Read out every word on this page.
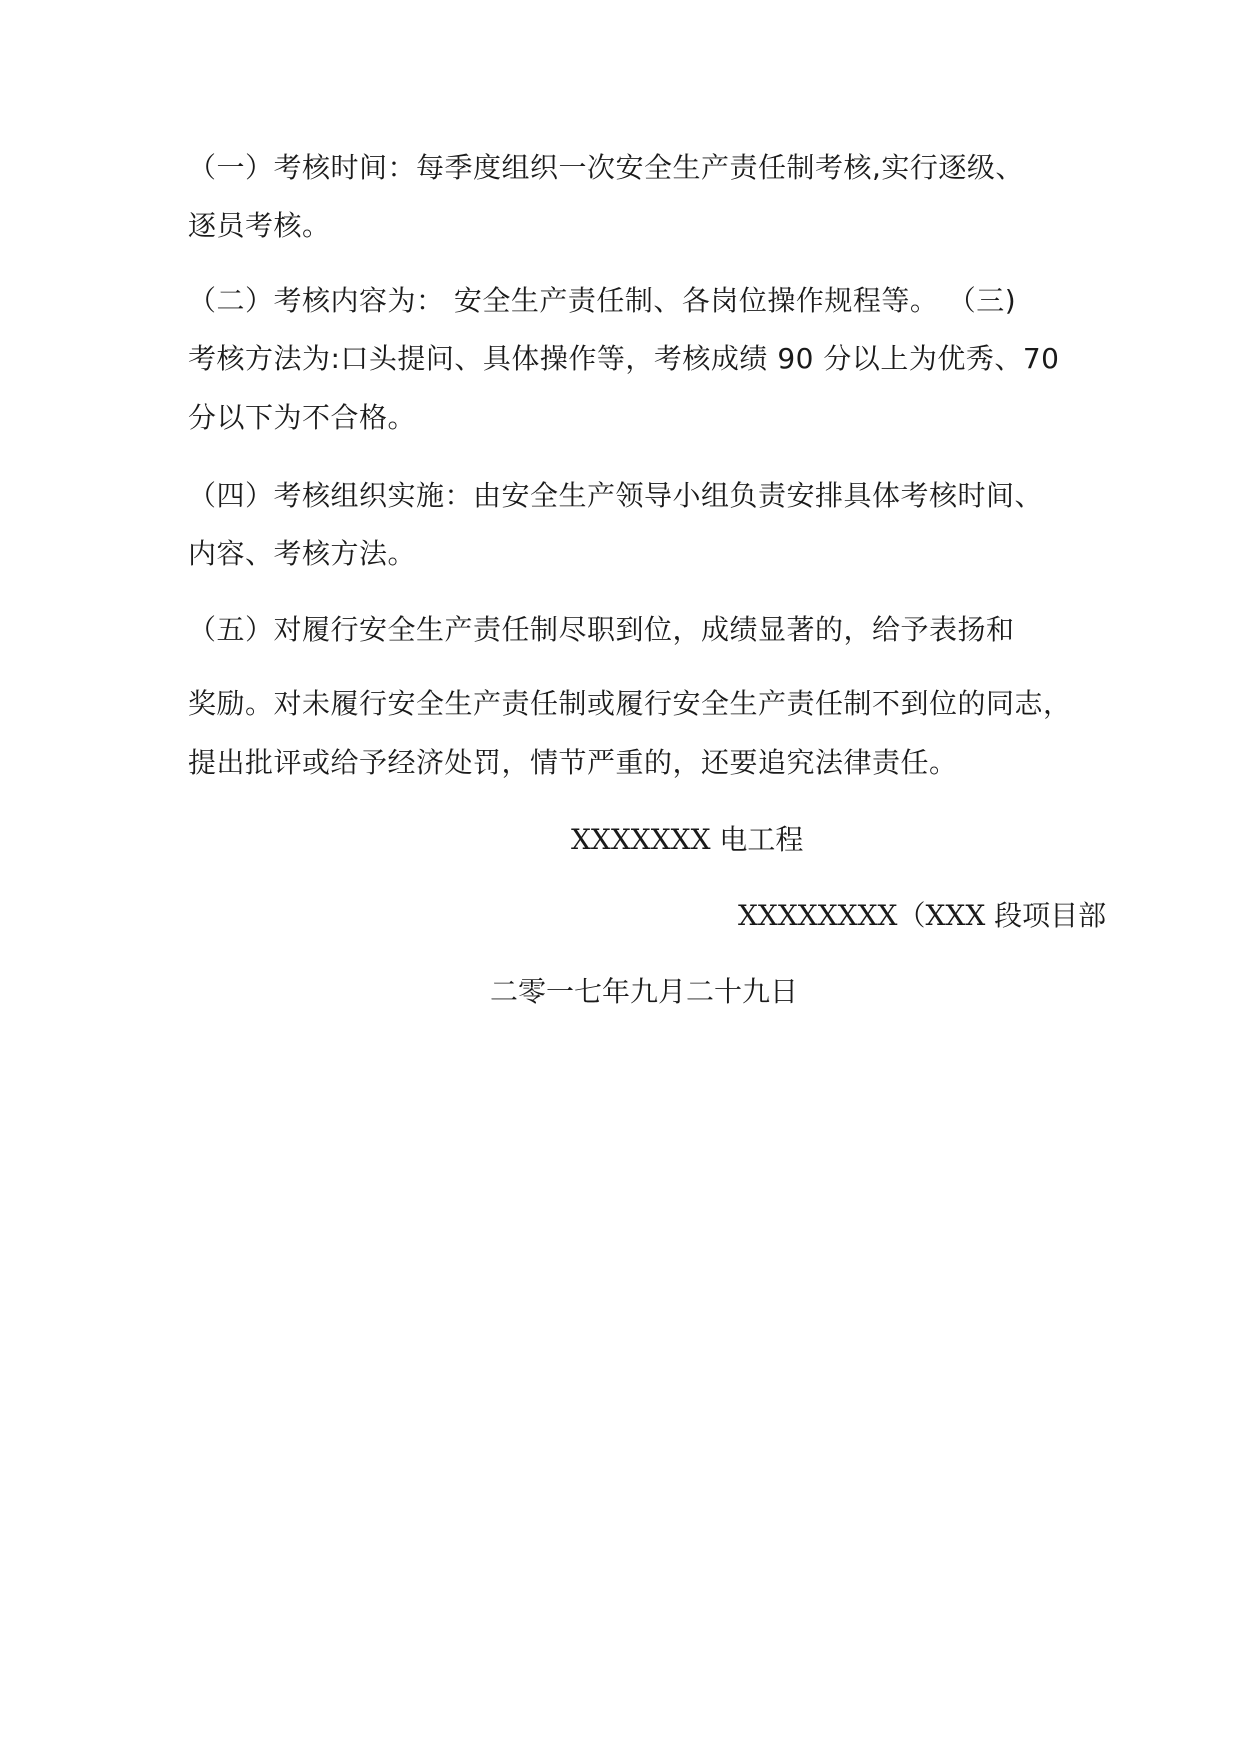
（一）考核时间：每季度组织一次安全生产责任制考核,实行逐级、
逐员考核。
（二）考核内容为： 安全生产责任制、各岗位操作规程等。 （三)
考核方法为:口头提问、具体操作等，考核成绩 90 分以上为优秀、70
分以下为不合格。
（四）考核组织实施：由安全生产领导小组负责安排具体考核时间、
内容、考核方法。
（五）对履行安全生产责任制尽职到位，成绩显著的，给予表扬和
奖励。对未履行安全生产责任制或履行安全生产责任制不到位的同志，
提出批评或给予经济处罚，情节严重的，还要追究法律责任。
XXXXXXX 电工程
XXXXXXXX（XXX 段项目部
二零一七年九月二十九日
